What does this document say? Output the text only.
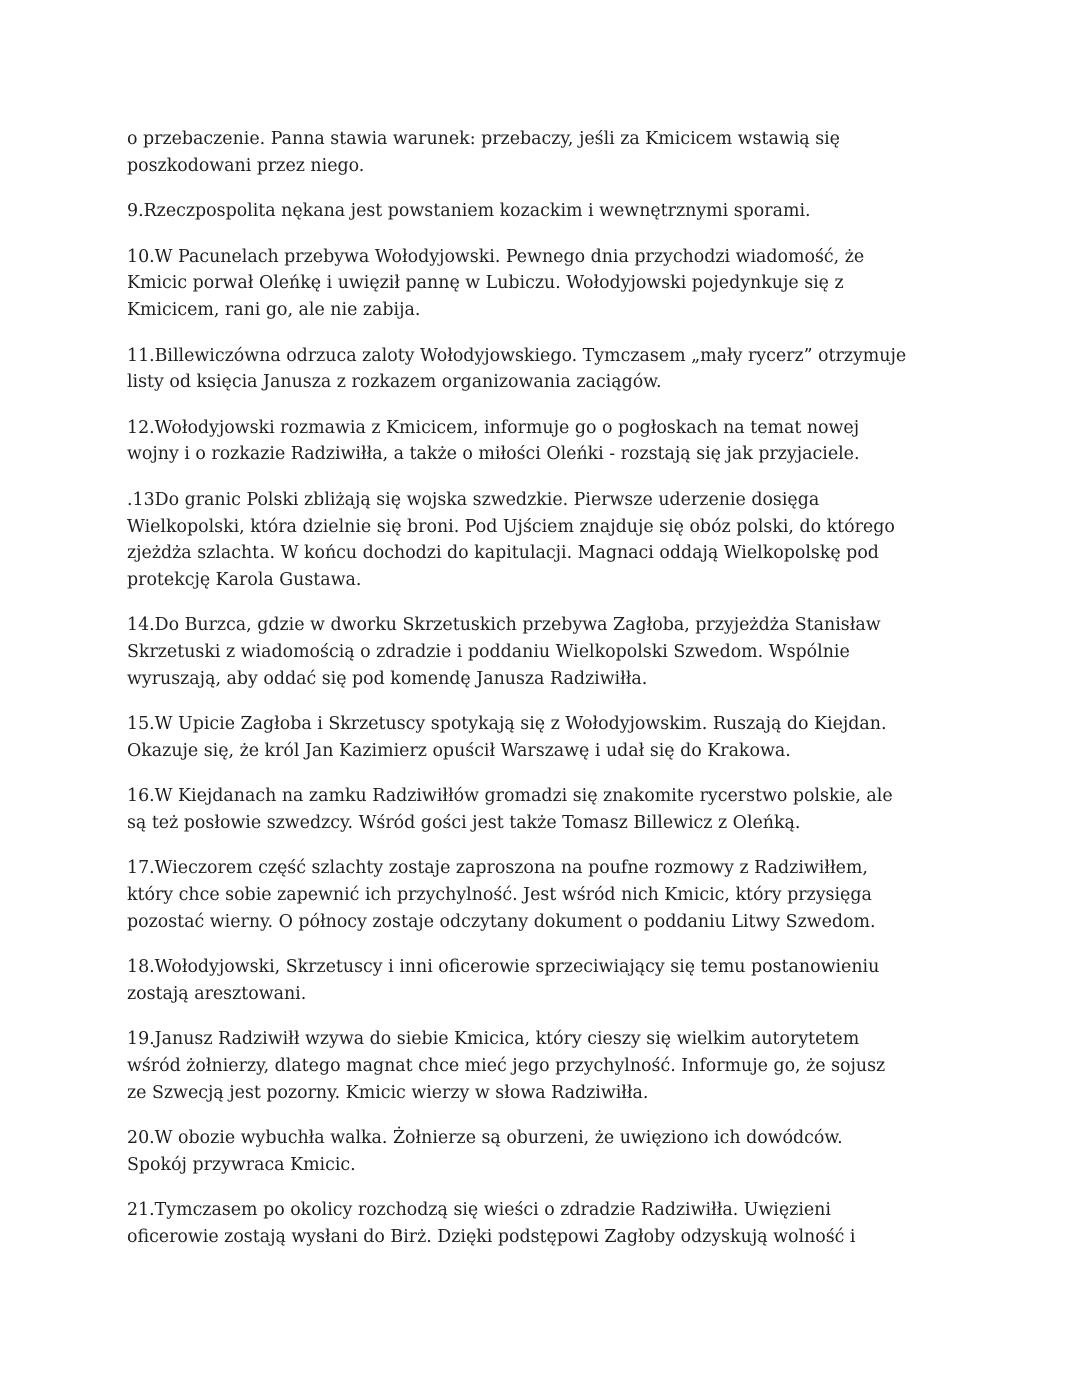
o przebaczenie. Panna stawia warunek: przebaczy, jeśli za Kmicicem wstawią się
poszkodowani przez niego.

9.Rzeczpospolita nękana jest powstaniem kozackim i wewnętrznymi sporami.

10.W Pacunelach przebywa Wołodyjowski. Pewnego dnia przychodzi wiadomość, że
Kmicic porwał Oleńkę i uwięził pannę w Lubiczu. Wołodyjowski pojedynkuje się z
Kmicicem, rani go, ale nie zabija.

11.Billewiczówna odrzuca zaloty Wołodyjowskiego. Tymczasem „mały rycerz” otrzymuje
listy od księcia Janusza z rozkazem organizowania zaciągów.

12.Wołodyjowski rozmawia z Kmicicem, informuje go o pogłoskach na temat nowej
wojny i o rozkazie Radziwiłła, a także o miłości Oleńki - rozstają się jak przyjaciele.

.13Do granic Polski zbliżają się wojska szwedzkie. Pierwsze uderzenie dosięga
Wielkopolski, która dzielnie się broni. Pod Ujściem znajduje się obóz polski, do którego
zjeżdża szlachta. W końcu dochodzi do kapitulacji. Magnaci oddają Wielkopolskę pod
protekcję Karola Gustawa.

14.Do Burzca, gdzie w dworku Skrzetuskich przebywa Zagłoba, przyjeżdża Stanisław
Skrzetuski z wiadomością o zdradzie i poddaniu Wielkopolski Szwedom. Wspólnie
wyruszają, aby oddać się pod komendę Janusza Radziwiłła.

15.W Upicie Zagłoba i Skrzetuscy spotykają się z Wołodyjowskim. Ruszają do Kiejdan.
Okazuje się, że król Jan Kazimierz opuścił Warszawę i udał się do Krakowa.

16.W Kiejdanach na zamku Radziwiłłów gromadzi się znakomite rycerstwo polskie, ale
są też posłowie szwedzcy. Wśród gości jest także Tomasz Billewicz z Oleńką.

17.Wieczorem część szlachty zostaje zaproszona na poufne rozmowy z Radziwiłłem,
który chce sobie zapewnić ich przychylność. Jest wśród nich Kmicic, który przysięga
pozostać wierny. O północy zostaje odczytany dokument o poddaniu Litwy Szwedom.

18.Wołodyjowski, Skrzetuscy i inni oficerowie sprzeciwiający się temu postanowieniu
zostają aresztowani.

19.Janusz Radziwiłł wzywa do siebie Kmicica, który cieszy się wielkim autorytetem
wśród żołnierzy, dlatego magnat chce mieć jego przychylność. Informuje go, że sojusz
ze Szwecją jest pozorny. Kmicic wierzy w słowa Radziwiłła.

20.W obozie wybuchła walka. Żołnierze są oburzeni, że uwięziono ich dowódców.
Spokój przywraca Kmicic.

21.Tymczasem po okolicy rozchodzą się wieści o zdradzie Radziwiłła. Uwięzieni
oficerowie zostają wysłani do Birż. Dzięki podstępowi Zagłoby odzyskują wolność i
